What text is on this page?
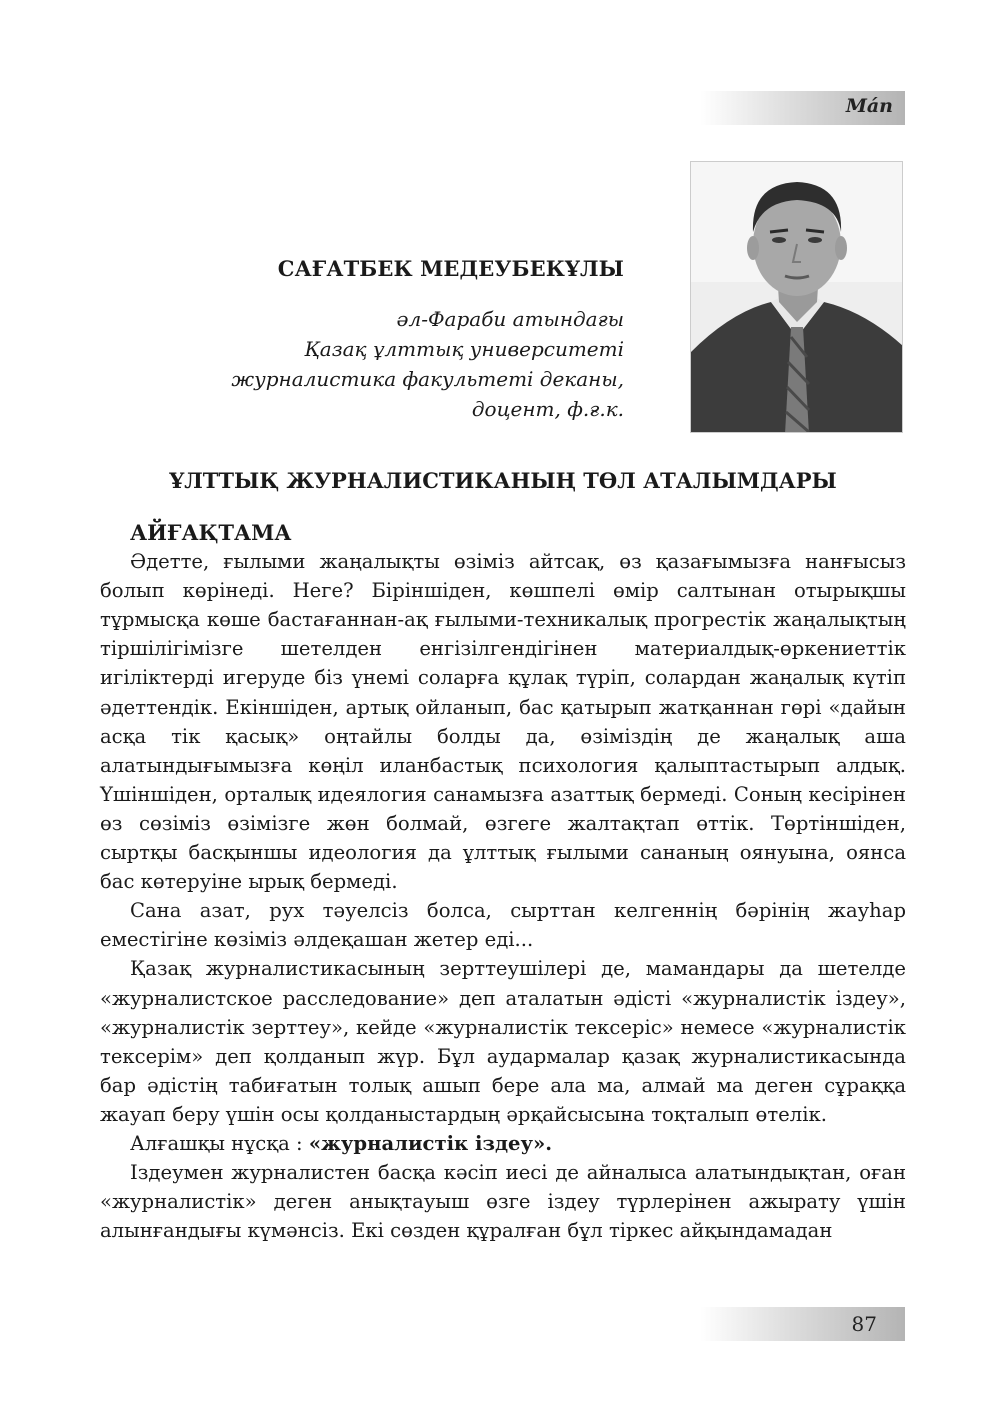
Mán
САҒАТБЕК МЕДЕУБЕКҰЛЫ
әл-Фараби атындағы
Қазақ ұлттық университеті
журналистика факультеті деканы,
доцент, ф.ғ.к.
ҰЛТТЫҚ ЖУРНАЛИСТИКАНЫҢ ТӨЛ АТАЛЫМДАРЫ

АЙҒАҚТАМА

Әдетте, ғылыми жаңалықты өзіміз айтсақ, өз қазағымызға нанғысыз болып көрінеді. Неге? Біріншіден, көшпелі өмір салтынан отырықшы тұрмысқа көше бастағаннан-ақ ғылыми-техникалық прогрестік жаңалықтың тіршілігімізге шетелден енгізілгендігінен материалдық-өркениеттік игіліктерді игеруде біз үнемі соларға құлақ түріп, солардан жаңалық күтіп әдеттендік. Екіншіден, артық ойланып, бас қатырып жатқаннан гөрі «дайын асқа тік қасық» оңтайлы болды да, өзіміздің де жаңалық аша алатындығымызға көңіл иланбастық психология қалыптастырып алдық. Үшіншіден, орталық идеялогия санамызға азаттық бермеді. Соның кесірінен өз сөзіміз өзімізге жөн болмай, өзгеге жалтақтап өттік. Төртіншіден, сыртқы басқыншы идеология да ұлттық ғылыми сананың оянуына, оянса бас көтеруіне ырық бермеді.

Сана азат, рух тәуелсіз болса, сырттан келгеннің бәрінің жауһар еместігіне көзіміз әлдеқашан жетер еді...

Қазақ журналистикасының зерттеушілері де, мамандары да шетелде «журналистское расследование» деп аталатын әдісті «журналистік іздеу», «журналистік зерттеу», кейде «журналистік тексеріс» немесе «журналистік тексерім» деп қолданып жүр. Бұл аудармалар қазақ журналистикасында бар әдістің табиғатын толық ашып бере ала ма, алмай ма деген сұраққа жауап беру үшін осы қолданыстардың әрқайсысына тоқталып өтелік.

Алғашқы нұсқа : «журналистік іздеу».

Іздеумен журналистен басқа кәсіп иесі де айналыса алатындықтан, оған «журналистік» деген анықтауыш өзге іздеу түрлерінен ажырату үшін алынғандығы күмәнсіз. Екі сөзден құралған бұл тіркес айқындамадан

87
